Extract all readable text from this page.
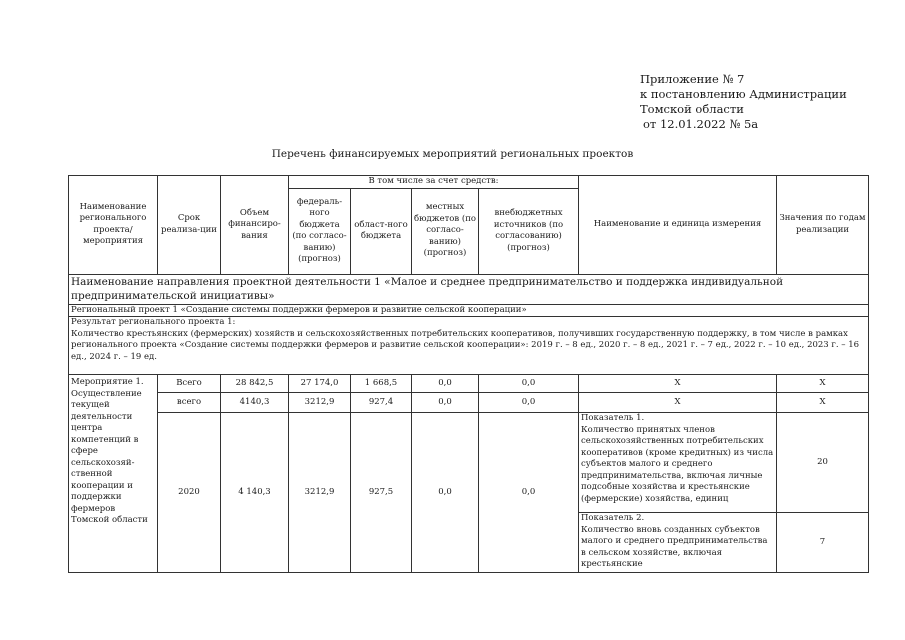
Приложение № 7
к постановлению Администрации
Томской области
от 12.01.2022 № 5а
Перечень финансируемых мероприятий региональных проектов
Наименование регионального проекта/ мероприятия	Срок реализа-ции	Объем финансиро-вания	В том числе за счет средств:				Наименование и единица измерения	Значения по годам реализации
			федераль-ного бюджета (по согласо-ванию) (прогноз)	област-ного бюджета	местных бюджетов (по согласо-ванию) (прогноз)	внебюджетных источников (по согласованию) (прогноз)		
Наименование направления проектной деятельности 1 «Малое и среднее предпринимательство и поддержка индивидуальной предпринимательской инициативы»								
Региональный проект 1 «Создание системы поддержки фермеров и развитие сельской кооперации»								

Результат регионального проекта 1:
Количество крестьянских (фермерских) хозяйств и сельскохозяйственных потребительских кооперативов, получивших государственную поддержку, в том числе в рамках регионального проекта «Создание системы поддержки фермеров и развитие сельской кооперации»: 2019 г. – 8 ед., 2020 г. – 8 ед., 2021 г. – 7 ед., 2022 г. – 10 ед., 2023 г. – 16 ед., 2024 г. – 19 ед.								

Мероприятие 1. Осуществление текущей деятельности центра компетенций в сфере сельскохозяй-ственной кооперации и поддержки фермеров Томской области	Всего	28 842,5	27 174,0	1 668,5	0,0	0,0	Х	Х
	всего	4140,3	3212,9	927,4	0,0	0,0	Х	Х
	2020	4 140,3	3212,9	927,5	0,0	0,0	Показатель 1.
Количество принятых членов сельскохозяйственных потребительских кооперативов (кроме кредитных) из числа субъектов малого и среднего предпринимательства, включая личные подсобные хозяйства и крестьянские (фермерские) хозяйства, единиц	20

							Показатель 2.
Количество вновь созданных субъектов малого и среднего предпринимательства в сельском хозяйстве, включая крестьянские	7
